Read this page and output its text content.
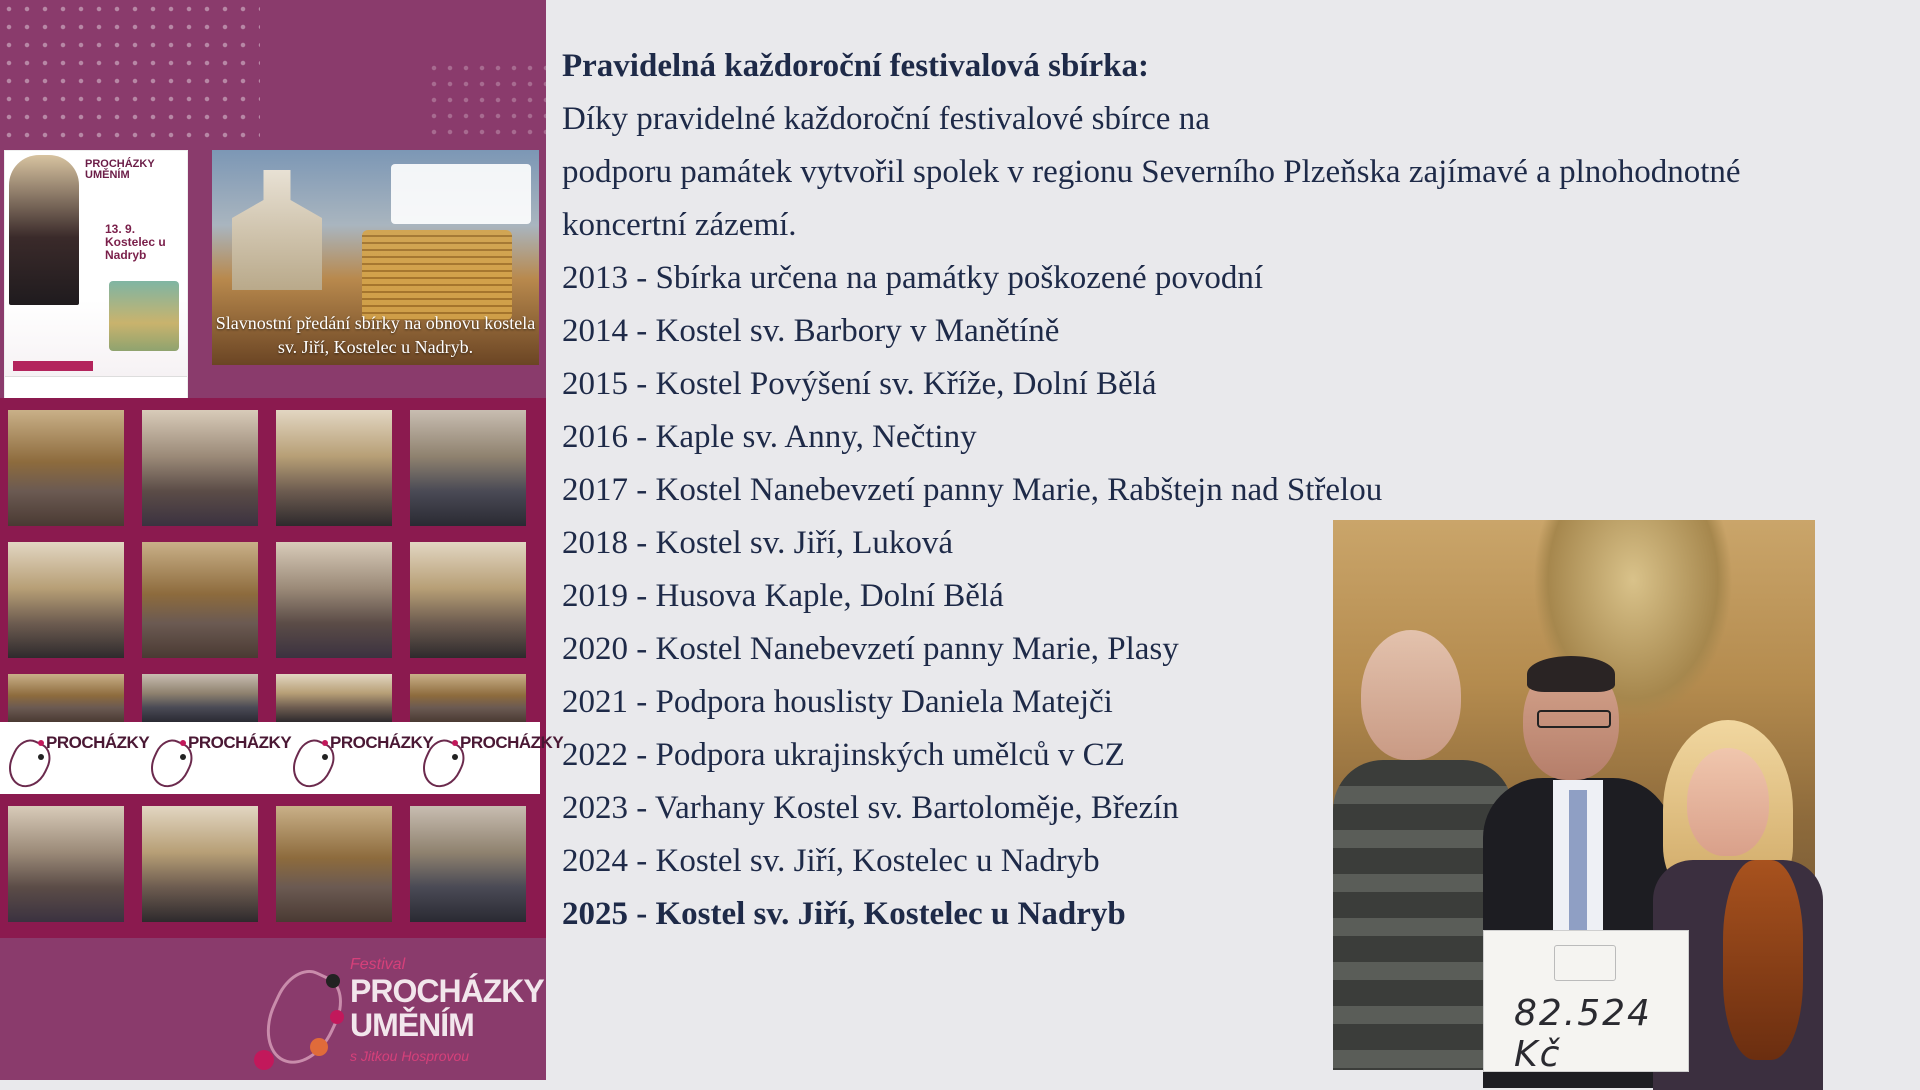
PROCHÁZKY UMĚNÍM
13. 9. Kostelec u Nadryb
Slavnostní předání sbírky na obnovu kostela sv. Jiří, Kostelec u Nadryb.
PROCHÁZKY PROCHÁZKY PROCHÁZKY PROCHÁZKY
Festival
PROCHÁZKY
UMĚNÍM
s Jitkou Hosprovou

Pravidelná každoroční festivalová sbírka:

Díky pravidelné každoroční festivalové sbírce na

podporu památek vytvořil spolek v regionu Severního Plzeňska zajímavé a plnohodnotné

koncertní zázemí.

2013 - Sbírka určena na památky poškozené povodní

2014 - Kostel sv. Barbory v Manětíně

2015 - Kostel Povýšení sv. Kříže, Dolní Bělá

2016 - Kaple sv. Anny, Nečtiny

2017 - Kostel Nanebevzetí panny Marie, Rabštejn nad Střelou

2018 - Kostel sv. Jiří, Luková

2019 - Husova Kaple, Dolní Bělá

2020 - Kostel Nanebevzetí panny Marie, Plasy

2021 - Podpora houslisty Daniela Matejči

2022 - Podpora ukrajinských umělců v CZ

2023 - Varhany Kostel sv. Bartoloměje, Březín

2024 - Kostel sv. Jiří, Kostelec u Nadryb

2025 - Kostel sv. Jiří, Kostelec u Nadryb

82.524 Kč
